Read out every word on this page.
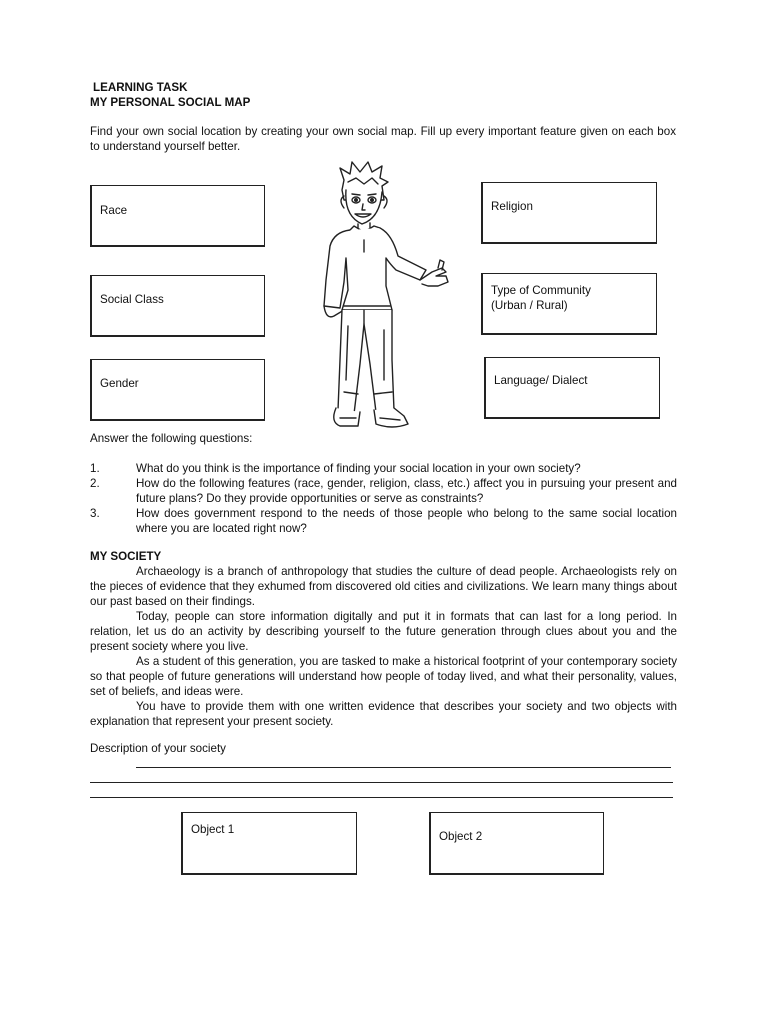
LEARNING TASK
MY PERSONAL SOCIAL MAP

Find your own social location by creating your own social map. Fill up every important feature given on each box to understand yourself better.

Race
Social Class
Gender
Religion
Type of Community
(Urban / Rural)
Language/ Dialect
Answer the following questions:
1.	What do you think is the importance of finding your social location in your own society?
2.	How do the following features (race, gender, religion, class, etc.) affect you in pursuing your present and future plans? Do they provide opportunities or serve as constraints?
3.	How does government respond to the needs of those people who belong to the same social location where you are located right now?
MY SOCIETY

Archaeology is a branch of anthropology that studies the culture of dead people. Archaeologists rely on the pieces of evidence that they exhumed from discovered old cities and civilizations. We learn many things about our past based on their findings.

Today, people can store information digitally and put it in formats that can last for a long period. In relation, let us do an activity by describing yourself to the future generation through clues about you and the present society where you live.

As a student of this generation, you are tasked to make a historical footprint of your contemporary society so that people of future generations will understand how people of today lived, and what their personality, values, set of beliefs, and ideas were.

You have to provide them with one written evidence that describes your society and two objects with explanation that represent your present society.

Description of your society
Object 1
Object 2
